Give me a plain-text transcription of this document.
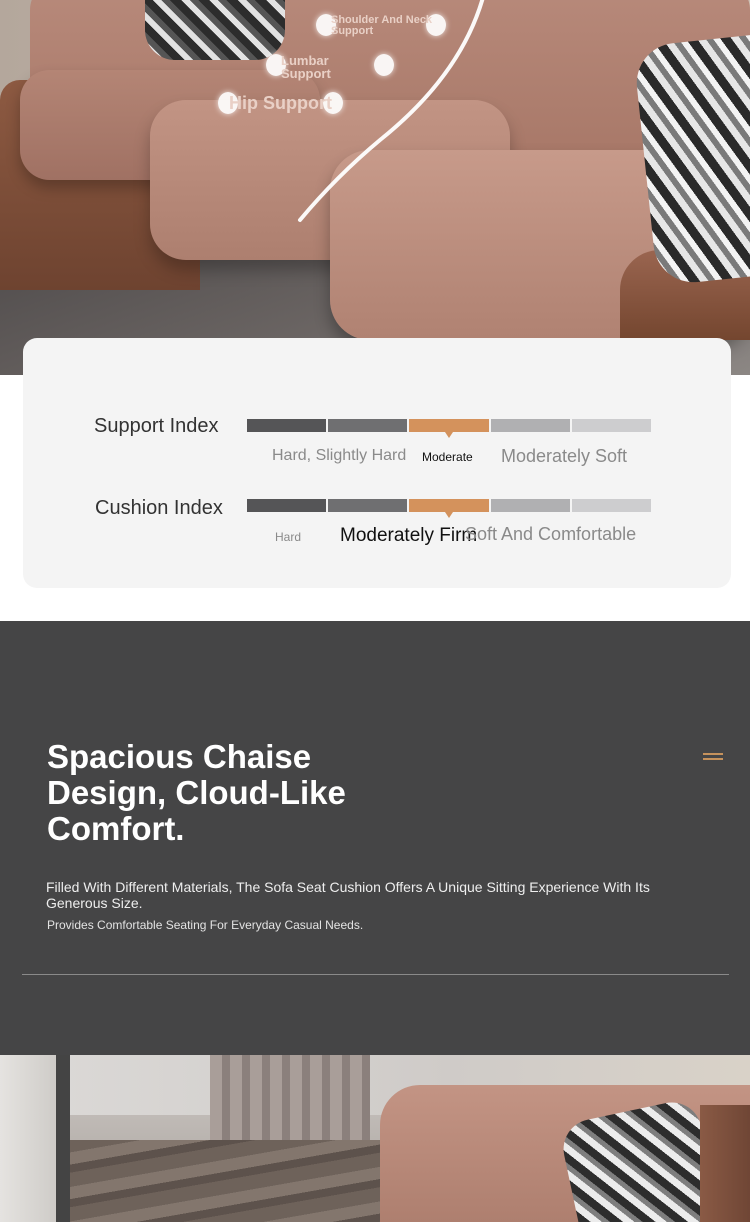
Shoulder And Neck Support
Lumbar Support
Hip Support
Support Index
Hard, Slightly Hard Moderate Moderately Soft
Cushion Index
Hard Moderately Firm
Soft And Comfortable
Spacious Chaise Design, Cloud-Like Comfort.
Filled With Different Materials, The Sofa Seat Cushion Offers A Unique Sitting Experience With Its Generous Size.
Provides Comfortable Seating For Everyday Casual Needs.
